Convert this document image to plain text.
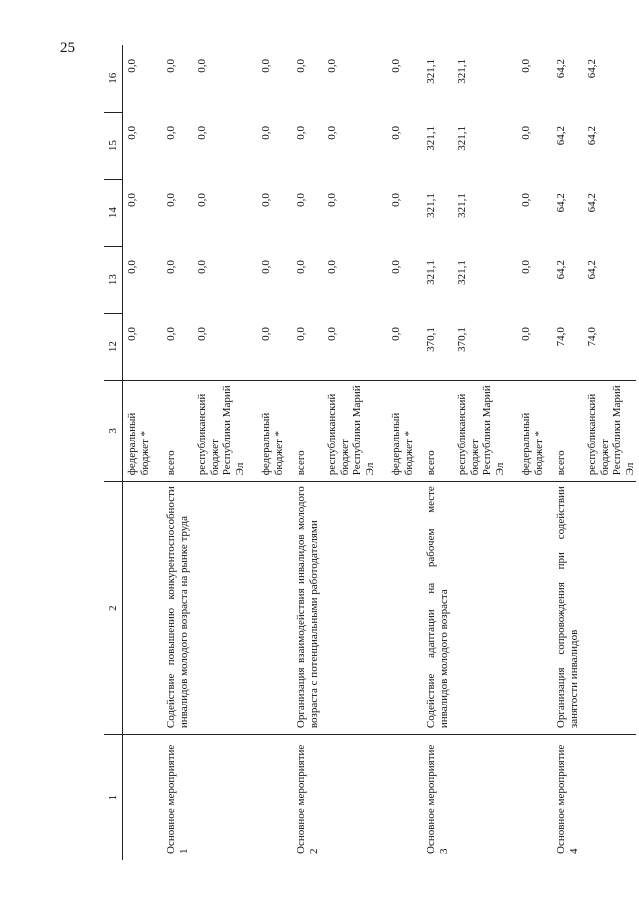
25
1	2	3	12	13	14	15	16
		федеральный бюджет *	0,0	0,0	0,0	0,0	0,0
Основное мероприятие 1	Содействие повышению конкурентоспособности инвалидов молодого возраста на рынке труда	всего	0,0	0,0	0,0	0,0	0,0
		республиканский бюджет Республики Марий Эл	0,0	0,0	0,0	0,0	0,0
		федеральный бюджет *	0,0	0,0	0,0	0,0	0,0
Основное мероприятие 2	Организация взаимодействия инвалидов молодого возраста с потенциальными работодателями	всего	0,0	0,0	0,0	0,0	0,0
		республиканский бюджет Республики Марий Эл	0,0	0,0	0,0	0,0	0,0
		федеральный бюджет *	0,0	0,0	0,0	0,0	0,0
Основное мероприятие 3	Содействие адаптации на рабочем месте инвалидов молодого возраста	всего	370,1	321,1	321,1	321,1	321,1
		республиканский бюджет Республики Марий Эл	370,1	321,1	321,1	321,1	321,1
		федеральный бюджет *	0,0	0,0	0,0	0,0	0,0
Основное мероприятие 4	Организация сопровождения при содействии занятости инвалидов	всего	74,0	64,2	64,2	64,2	64,2
		республиканский бюджет Республики Марий Эл	74,0	64,2	64,2	64,2	64,2
